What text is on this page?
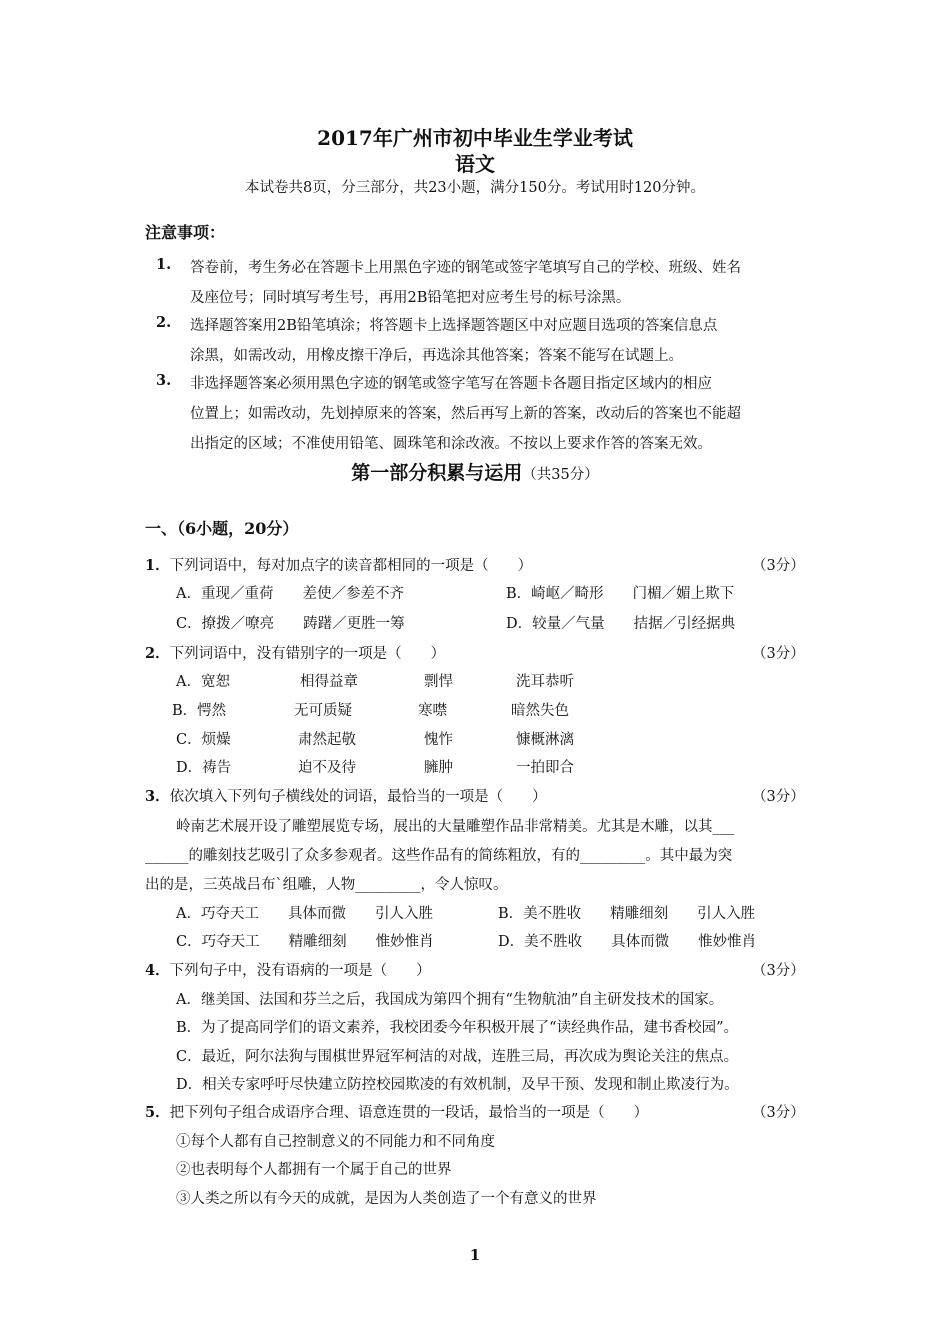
2017年广州市初中毕业生学业考试
语文
本试卷共8页，分三部分，共23小题，满分150分。考试用时120分钟。
注意事项：
1. 答卷前，考生务必在答题卡上用黑色字迹的钢笔或签字笔填写自己的学校、班级、姓名
及座位号；同时填写考生号，再用2B铅笔把对应考生号的标号涂黑。
2. 选择题答案用2B铅笔填涂；将答题卡上选择题答题区中对应题目选项的答案信息点
涂黑，如需改动，用橡皮擦干净后，再选涂其他答案；答案不能写在试题上。
3. 非选择题答案必须用黑色字迹的钢笔或签字笔写在答题卡各题目指定区域内的相应
位置上；如需改动，先划掉原来的答案，然后再写上新的答案，改动后的答案也不能超
出指定的区域；不准使用铅笔、圆珠笔和涂改液。不按以上要求作答的答案无效。
第一部分积累与运用（共35分）
一、（6小题，20分）
1．下列词语中，每对加点字的读音都相同的一项是（　　）	（3分）
A．重现／重荷　　差使／参差不齐	B．崎岖／畸形　　门楣／媚上欺下
C．撩拨／嘹亮　　踌躇／更胜一筹	D．较量／气量　　拮据／引经据典
2．下列词语中，没有错别字的一项是（　　）	（3分）
A．宽恕	相得益章	剽悍	洗耳恭听
B．愕然	无可质疑	寒噤	暗然失色
C．烦燥	肃然起敬	愧怍	慷概淋漓
D．祷告	迫不及待	臃肿	一拍即合
3．依次填入下列句子横线处的词语，最恰当的一项是（　　）	（3分）
岭南艺术展开设了雕塑展览专场，展出的大量雕塑作品非常精美。尤其是木雕，以其___
______的雕刻技艺吸引了众多参观者。这些作品有的简练粗放，有的_________。其中最为突
出的是，三英战吕布`组雕，人物_________，令人惊叹。
A．巧夺天工　　具体而微　　引人入胜	B．美不胜收　　精雕细刻　　引人入胜
C．巧夺天工　　精雕细刻　　惟妙惟肖	D．美不胜收　　具体而微　　惟妙惟肖
4．下列句子中，没有语病的一项是（　　）	（3分）
A．继美国、法国和芬兰之后，我国成为第四个拥有“生物航油”自主研发技术的国家。
B．为了提高同学们的语文素养，我校团委今年积极开展了“读经典作品，建书香校园”。
C．最近，阿尔法狗与围棋世界冠军柯洁的对战，连胜三局，再次成为舆论关注的焦点。
D．相关专家呼吁尽快建立防控校园欺凌的有效机制，及早干预、发现和制止欺凌行为。
5．把下列句子组合成语序合理、语意连贯的一段话，最恰当的一项是（　　）	（3分）
①每个人都有自己控制意义的不同能力和不同角度
②也表明每个人都拥有一个属于自己的世界
③人类之所以有今天的成就，是因为人类创造了一个有意义的世界
1
